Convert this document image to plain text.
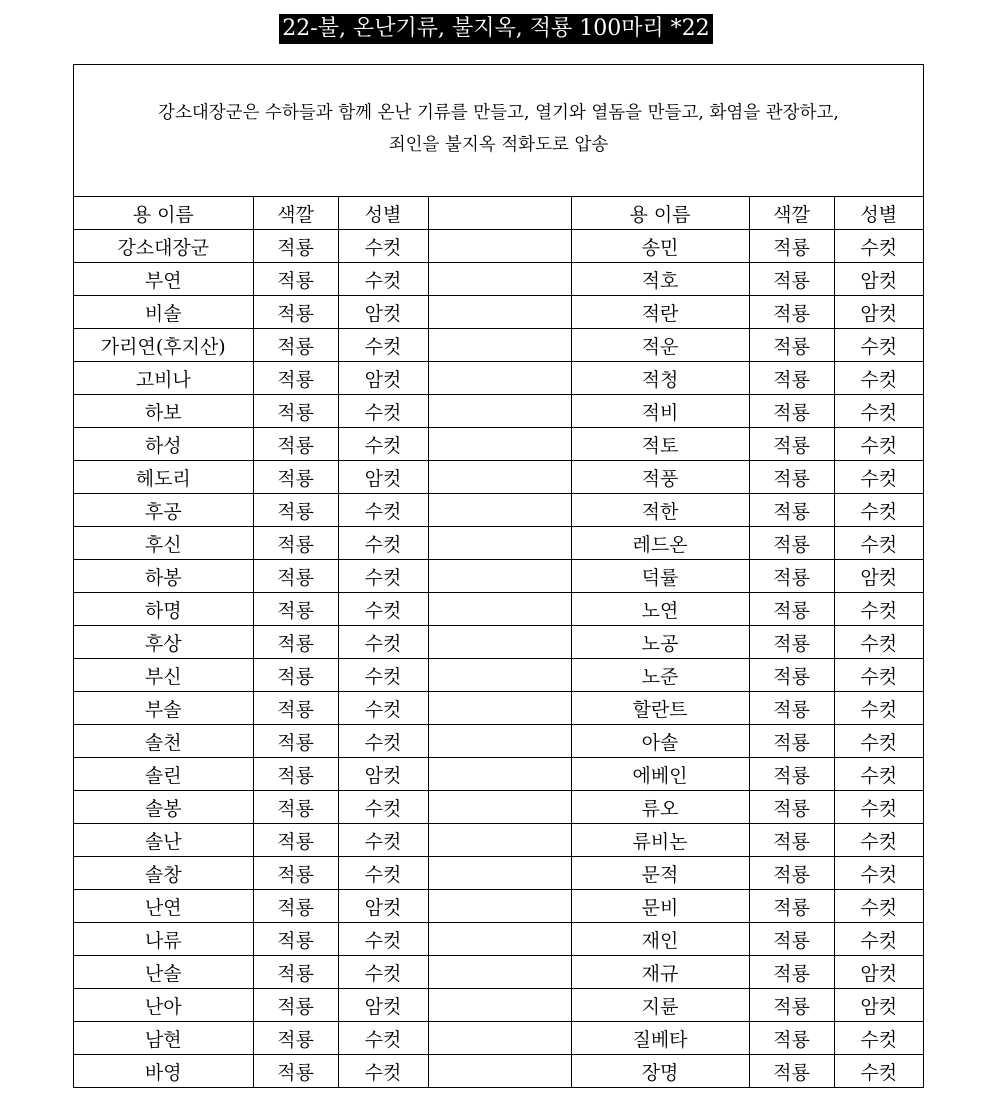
22-불, 온난기류, 불지옥, 적룡 100마리 *22
강소대장군은 수하들과 함께 온난 기류를 만들고, 열기와 열돔을 만들고, 화염을 관장하고,
죄인을 불지옥 적화도로 압송
용 이름	색깔	성별		용 이름	색깔	성별
강소대장군	적룡	수컷		송민	적룡	수컷
부연	적룡	수컷		적호	적룡	암컷
비솔	적룡	암컷		적란	적룡	암컷
가리연(후지산)	적룡	수컷		적운	적룡	수컷
고비나	적룡	암컷		적청	적룡	수컷
하보	적룡	수컷		적비	적룡	수컷
하성	적룡	수컷		적토	적룡	수컷
헤도리	적룡	암컷		적풍	적룡	수컷
후공	적룡	수컷		적한	적룡	수컷
후신	적룡	수컷		레드온	적룡	수컷
하봉	적룡	수컷		덕률	적룡	암컷
하명	적룡	수컷		노연	적룡	수컷
후상	적룡	수컷		노공	적룡	수컷
부신	적룡	수컷		노준	적룡	수컷
부솔	적룡	수컷		할란트	적룡	수컷
솔천	적룡	수컷		아솔	적룡	수컷
솔린	적룡	암컷		에베인	적룡	수컷
솔봉	적룡	수컷		류오	적룡	수컷
솔난	적룡	수컷		류비논	적룡	수컷
솔창	적룡	수컷		문적	적룡	수컷
난연	적룡	암컷		문비	적룡	수컷
나류	적룡	수컷		재인	적룡	수컷
난솔	적룡	수컷		재규	적룡	암컷
난아	적룡	암컷		지륜	적룡	암컷
남현	적룡	수컷		질베타	적룡	수컷
바영	적룡	수컷		장명	적룡	수컷
